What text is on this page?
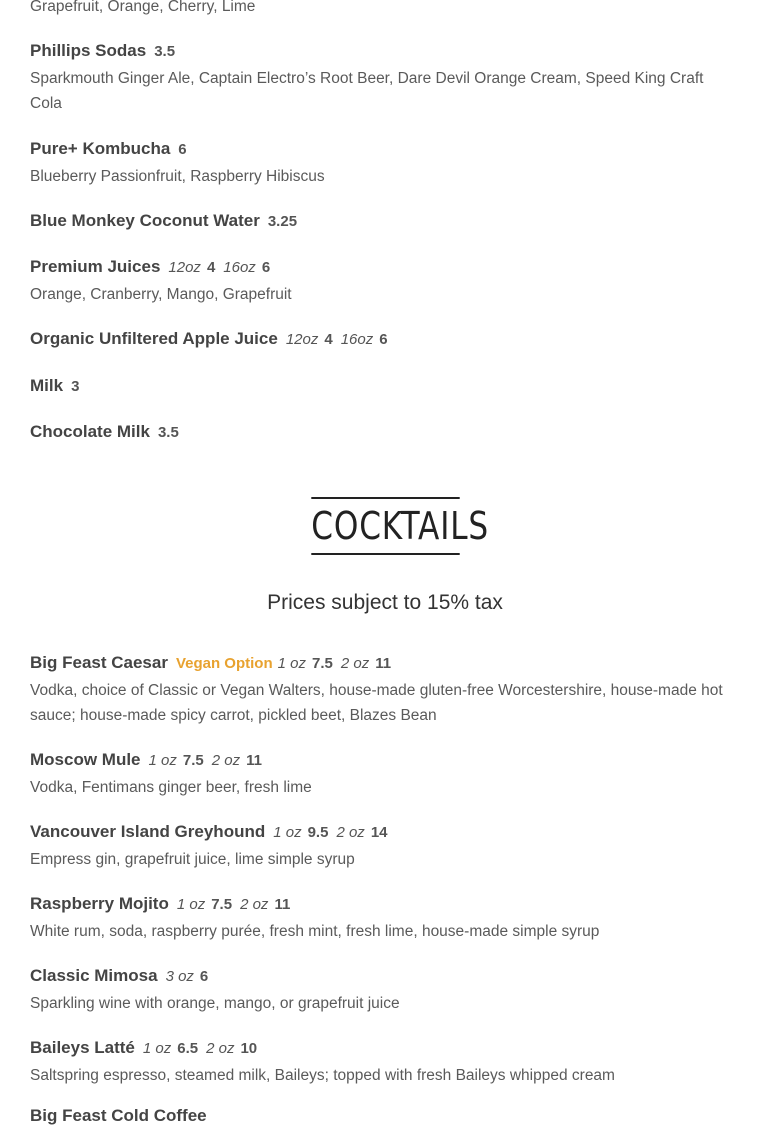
Grapefruit, Orange, Cherry, Lime
Phillips Sodas 3.5
Sparkmouth Ginger Ale, Captain Electro’s Root Beer, Dare Devil Orange Cream, Speed King Craft Cola
Pure+ Kombucha 6
Blueberry Passionfruit, Raspberry Hibiscus
Blue Monkey Coconut Water 3.25
Premium Juices 12oz 4 16oz 6
Orange, Cranberry, Mango, Grapefruit
Organic Unfiltered Apple Juice 12oz 4 16oz 6
Milk 3
Chocolate Milk 3.5
COCKTAILS
Prices subject to 15% tax
Big Feast Caesar Vegan Option 1 oz 7.5 2 oz 11
Vodka, choice of Classic or Vegan Walters, house-made gluten-free Worcestershire, house-made hot sauce; house-made spicy carrot, pickled beet, Blazes Bean
Moscow Mule 1 oz 7.5 2 oz 11
Vodka, Fentimans ginger beer, fresh lime
Vancouver Island Greyhound 1 oz 9.5 2 oz 14
Empress gin, grapefruit juice, lime simple syrup
Raspberry Mojito 1 oz 7.5 2 oz 11
White rum, soda, raspberry purée, fresh mint, fresh lime, house-made simple syrup
Classic Mimosa 3 oz 6
Sparkling wine with orange, mango, or grapefruit juice
Baileys Latté 1 oz 6.5 2 oz 10
Saltspring espresso, steamed milk, Baileys; topped with fresh Baileys whipped cream
Big Feast Cold Coffee
